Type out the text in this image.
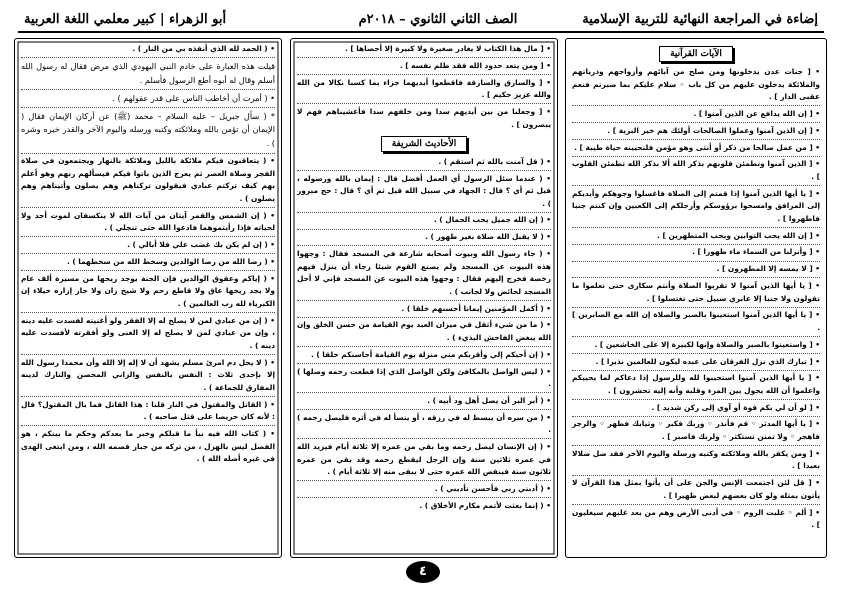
إضاءة في المراجعة النهائية للتربية الإسلامية
الصف الثاني الثانوي – ٢٠١٨م
أبو الزهراء | كبير معلمي اللغة العربية
الآيات القرآنية
• [ جنات عدن يدخلونها ومن صلح من آبائهم وأزواجهم وذرياتهم والملائكة يدخلون عليهم من كل باب ◦ سلام عليكم بما صبرتم فنعم عقبى الدار ] .
• [ إن الله يدافع عن الذين آمنوا ] .
• [ إن الذين آمنوا وعملوا الصالحات أولئك هم خير البرية ] .
• [ من عمل صالحا من ذكر أو أنثى وهو مؤمن فلنحيينه حياة طيبة ] .
• [ الذين آمنوا وتطمئن قلوبهم بذكر الله ألا بذكر الله تطمئن القلوب ] .
• [ يا أيها الذين آمنوا إذا قمتم إلى الصلاة فاغسلوا وجوهكم وأيديكم إلى المرافق وامسحوا برؤوسكم وأرجلكم إلى الكعبين وإن كنتم جنبا فاطهروا ] .
• [ إن الله يحب التوابين ويحب المتطهرين ] .
• [ وأنزلنا من السماء ماء طهورا ] .
• [ لا يمسه إلا المطهرون ] .
• [ يا أيها الذين آمنوا لا تقربوا الصلاة وأنتم سكارى حتى تعلموا ما تقولون ولا جنبا إلا عابري سبيل حتى تغتسلوا ] .
• [ يا أيها الذين آمنوا استعينوا بالصبر والصلاة إن الله مع الصابرين ] .
• [ واستعينوا بالصبر والصلاة وإنها لكبيرة إلا على الخاشعين ] .
• [ تبارك الذي نزل الفرقان على عبده ليكون للعالمين نذيرا ] .
• [ يا أيها الذين آمنوا استجيبوا لله وللرسول إذا دعاكم لما يحييكم واعلموا أن الله يحول بين المرء وقلبه وأنه إليه تحشرون ] .
• [ لو أن لي بكم قوة أو آوي إلى ركن شديد ] .
• [ يا أيها المدثر ◦ قم فأنذر ◦ وربك فكبر ◦ وثيابك فطهر ◦ والرجز فاهجر ◦ ولا تمنن تستكثر ◦ ولربك فاصبر ] .
• [ ومن يكفر بالله وملائكته وكتبه ورسله واليوم الآخر فقد ضل ضلالا بعيدا ] .
• [ قل لئن اجتمعت الإنس والجن على أن يأتوا بمثل هذا القرآن لا يأتون بمثله ولو كان بعضهم لبعض ظهيرا ] .
• [ ألم ◦ غلبت الروم ◦ في أدنى الأرض وهم من بعد غلبهم سيغلبون ] .
• [ مال هذا الكتاب لا يغادر صغيرة ولا كبيرة إلا أحصاها ] .
• [ ومن يتعد حدود الله فقد ظلم نفسه ] .
• [ والسارق والسارقة فاقطعوا أيديهما جزاء بما كسبا نكالا من الله والله عزيز حكيم ] .
• [ وجعلنا من بين أيديهم سدا ومن خلفهم سدا فأغشيناهم فهم لا يبصرون ] .
الأحاديث الشريفة
• ( قل آمنت بالله ثم استقم ) .
• ( عندما سئل الرسول أي العمل أفضل قال : إيمان بالله ورسوله ، قيل ثم أي ؟ قال : الجهاد في سبيل الله قيل ثم أي ؟ قال : حج مبرور ) .
• ( إن الله جميل يحب الجمال ) .
• ( لا يقبل الله صلاة بغير طهور ) .
• ( جاء رسول الله وبيوت أصحابه شارعة في المسجد فقال : وجهوا هذه البيوت عن المسجد ولم يصنع القوم شيئا رجاء أن ينزل فيهم رخصة فخرج إليهم فقال : وجهوا هذه البيوت عن المسجد فإني لا أحل المسجد لحائض ولا لجانب ) .
• ( أكمل المؤمنين إيمانا أحسنهم خلقا ) .
• ( ما من شيء أثقل في ميزان العبد يوم القيامة من حسن الخلق وإن الله يبغض الفاحش البذيء ) .
• ( إن أحبكم إلي وأقربكم مني منزلة يوم القيامة أحاسنكم خلقا ) .
• ( ليس الواصل بالمكافئ ولكن الواصل الذي إذا قطعت رحمه وصلها ) .
• ( أبر البر أن يصل أهل ود أبيه ) .
• ( من سره أن يبسط له في رزقه ، أو ينسأ له في أثره فليصل رحمه ) .
• ( إن الإنسان ليصل رحمه وما بقي من عمره إلا ثلاثة أيام فيزيد الله في عمره ثلاثين سنة وإن الرجل ليقطع رحمه وقد بقي من عمره ثلاثون سنة فينقص الله عمره حتى لا يبقى منه إلا ثلاثة أيام ) .
• ( أدبني ربي فأحسن تأديبي ) .
• ( إنما بعثت لأتمم مكارم الأخلاق ) .
• ( الحمد لله الذي أنقذه بي من النار ) .
قيلت هذه العبارة على خادم النبي اليهودي الذي مرض فقال له رسول الله أسلم وقال له أبوه أطع الرسول فأسلم .
• ( أمرت أن أخاطب الناس على قدر عقولهم ) .
* ( سأل جبريل – عليه السلام – محمد (ﷺ) عن أركان الإيمان فقال ( الإيمان أن تؤمن بالله وملائكته وكتبه ورسله واليوم الآخر والقدر خيره وشره ) .
• ( يتعاقبون فيكم ملائكة بالليل وملائكة بالنهار ويجتمعون في صلاة الفجر وصلاة العصر ثم يعرج الذين باتوا فيكم فيسألهم ربهم وهو أعلم بهم كيف تركتم عبادي فيقولون تركناهم وهم يصلون وأتيناهم وهم يصلون ) .
• ( إن الشمس والقمر آيتان من آيات الله لا ينكسفان لموت أحد ولا لحياته فإذا رأيتموهما فادعوا الله حتى تنجلي ) .
• ( إن لم يكن بك غضب علي فلا أبالي ) .
• ( رضا الله من رضا الوالدين وسخط الله من سخطهما ) .
• ( إياكم وعقوق الوالدين فإن الجنة يوجد ريحها من مسيرة ألف عام ولا يجد ريحها عاق ولا قاطع رحم ولا شيخ زان ولا جار إزاره خيلاء إن الكبرياء لله رب العالمين ) .
• ( إن من عبادي لمن لا يصلح له إلا الفقر ولو أغنيته لفسدت عليه دينه ، وإن من عبادي لمن لا يصلح له إلا الغنى ولو أفقرته لأفسدت عليه دينه ) .
• ( لا يحل دم امرئ مسلم يشهد أن لا إله إلا الله وأن محمدا رسول الله إلا بإحدى ثلاث : النفس بالنفس والزاني المحصن والتارك لدينه المفارق للجماعة ) .
• ( القاتل والمقتول في النار قلنا : هذا القاتل فما بال المقتول؟ قال : لأنه كان حريصا على قتل صاحبه ) .
• ( كتاب الله فيه نبأ ما قبلكم وخبر ما بعدكم وحكم ما بينكم ، هو الفصل ليس بالهزل ، من تركه من جبار قصمه الله ، ومن ابتغى الهدى في غيره أضله الله ) .
٤
